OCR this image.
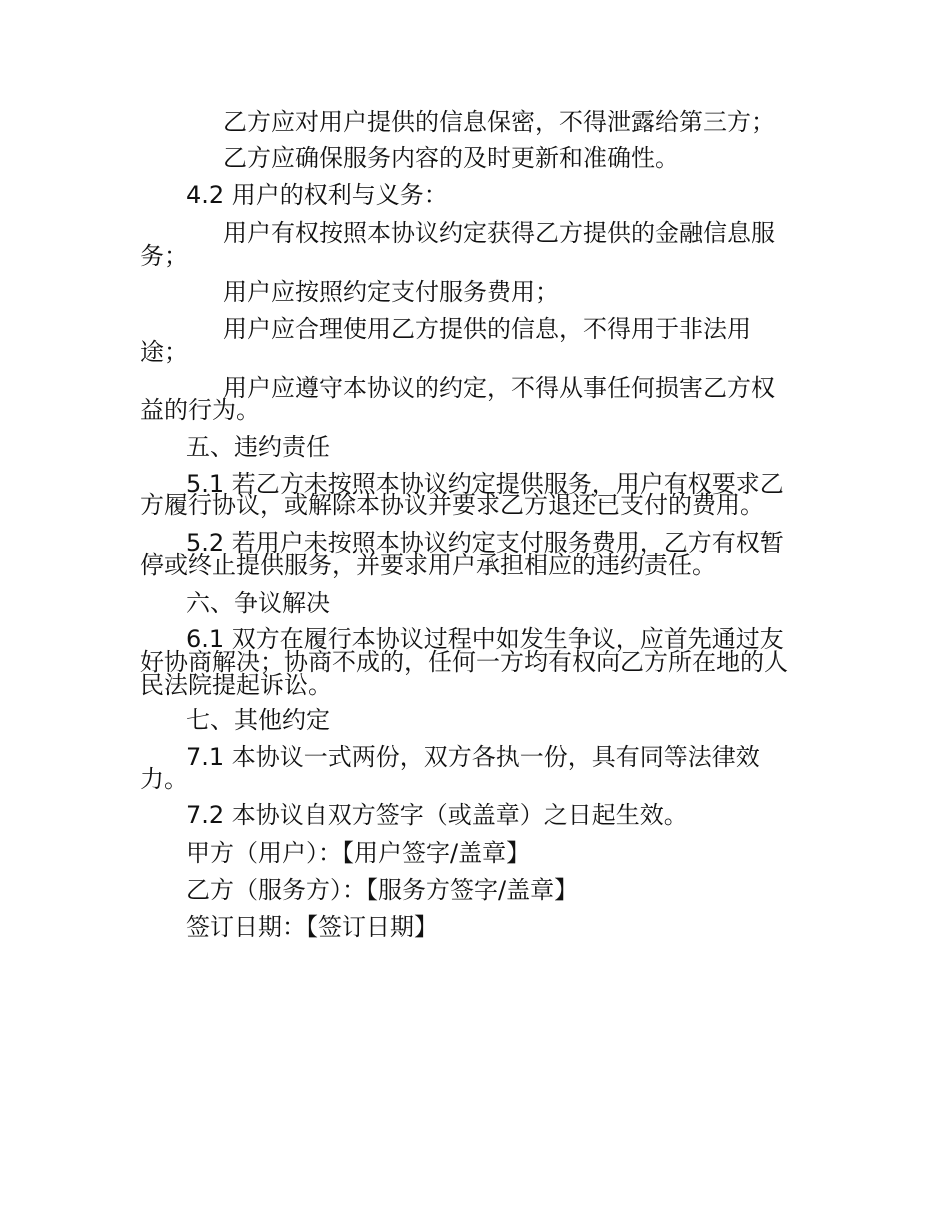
乙方应对用户提供的信息保密，不得泄露给第三方；
乙方应确保服务内容的及时更新和准确性。
4.2 用户的权利与义务：
用户有权按照本协议约定获得乙方提供的金融信息服
务；
用户应按照约定支付服务费用；
用户应合理使用乙方提供的信息，不得用于非法用
途；
用户应遵守本协议的约定，不得从事任何损害乙方权
益的行为。
五、违约责任
5.1 若乙方未按照本协议约定提供服务，用户有权要求乙
方履行协议，或解除本协议并要求乙方退还已支付的费用。
5.2 若用户未按照本协议约定支付服务费用，乙方有权暂
停或终止提供服务，并要求用户承担相应的违约责任。
六、争议解决
6.1 双方在履行本协议过程中如发生争议，应首先通过友
好协商解决；协商不成的，任何一方均有权向乙方所在地的人
民法院提起诉讼。
七、其他约定
7.1 本协议一式两份，双方各执一份，具有同等法律效
力。
7.2 本协议自双方签字（或盖章）之日起生效。
甲方（用户）：【用户签字/盖章】
乙方（服务方）：【服务方签字/盖章】
签订日期：【签订日期】
